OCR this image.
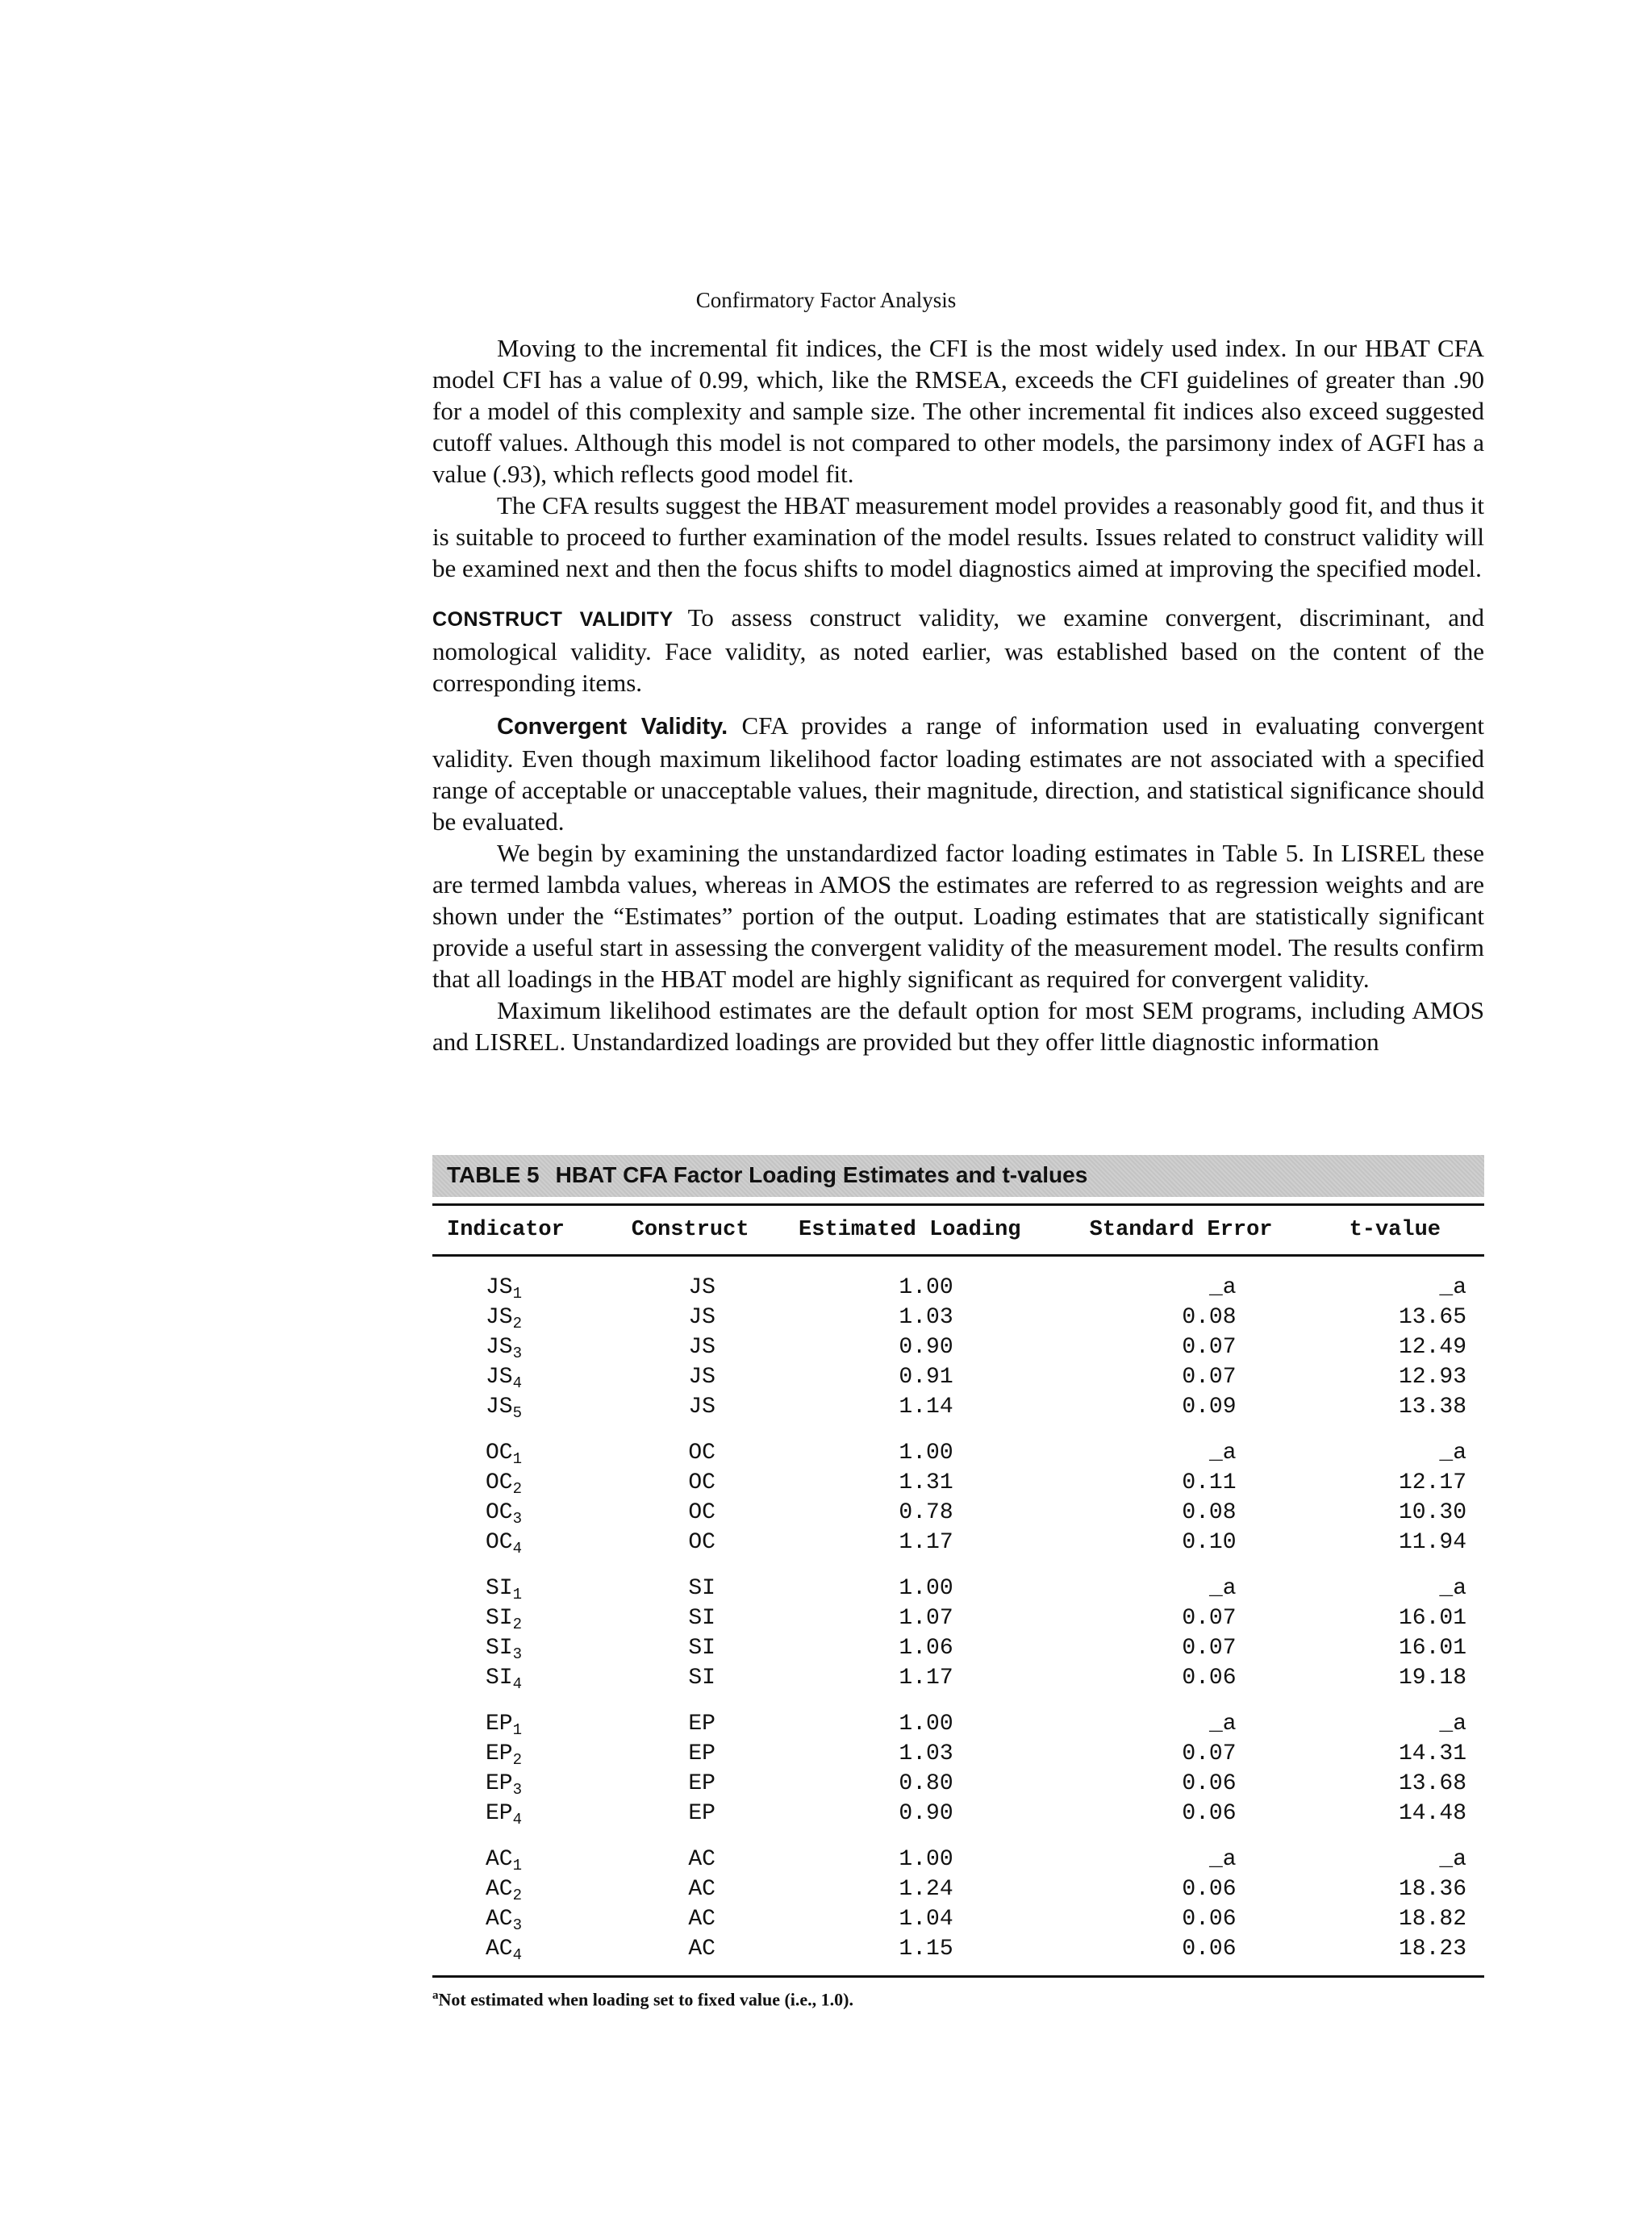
Confirmatory Factor Analysis

Moving to the incremental fit indices, the CFI is the most widely used index. In our HBAT CFA model CFI has a value of 0.99, which, like the RMSEA, exceeds the CFI guidelines of greater than .90 for a model of this complexity and sample size. The other incremental fit indices also exceed suggested cutoff values. Although this model is not compared to other models, the parsimony index of AGFI has a value (.93), which reflects good model fit.

The CFA results suggest the HBAT measurement model provides a reasonably good fit, and thus it is suitable to proceed to further examination of the model results. Issues related to construct validity will be examined next and then the focus shifts to model diagnostics aimed at improving the specified model.

CONSTRUCT VALIDITY To assess construct validity, we examine convergent, discriminant, and nomological validity. Face validity, as noted earlier, was established based on the content of the corresponding items.

Convergent Validity. CFA provides a range of information used in evaluating convergent validity. Even though maximum likelihood factor loading estimates are not associated with a specified range of acceptable or unacceptable values, their magnitude, direction, and statistical significance should be evaluated.

We begin by examining the unstandardized factor loading estimates in Table 5. In LISREL these are termed lambda values, whereas in AMOS the estimates are referred to as regression weights and are shown under the “Estimates” portion of the output. Loading estimates that are statistically significant provide a useful start in assessing the convergent validity of the measurement model. The results confirm that all loadings in the HBAT model are highly significant as required for convergent validity.

Maximum likelihood estimates are the default option for most SEM programs, including AMOS and LISREL. Unstandardized loadings are provided but they offer little diagnostic information

TABLE 5 HBAT CFA Factor Loading Estimates and t-values
Indicator	Construct	Estimated Loading	Standard Error	t-value
$JS_1$	JS	1.00	_a	_a
$JS_2$	JS	1.03	0.08	13.65
$JS_3$	JS	0.90	0.07	12.49
$JS_4$	JS	0.91	0.07	12.93
$JS_5$	JS	1.14	0.09	13.38
$OC_1$	OC	1.00	_a	_a
$OC_2$	OC	1.31	0.11	12.17
$OC_3$	OC	0.78	0.08	10.30
$OC_4$	OC	1.17	0.10	11.94
$SI_1$	SI	1.00	_a	_a
$SI_2$	SI	1.07	0.07	16.01
$SI_3$	SI	1.06	0.07	16.01
$SI_4$	SI	1.17	0.06	19.18
$EP_1$	EP	1.00	_a	_a
$EP_2$	EP	1.03	0.07	14.31
$EP_3$	EP	0.80	0.06	13.68
$EP_4$	EP	0.90	0.06	14.48
$AC_1$	AC	1.00	_a	_a
$AC_2$	AC	1.24	0.06	18.36
$AC_3$	AC	1.04	0.06	18.82
$AC_4$	AC	1.15	0.06	18.23
$^a$Not estimated when loading set to fixed value (i.e., 1.0).
